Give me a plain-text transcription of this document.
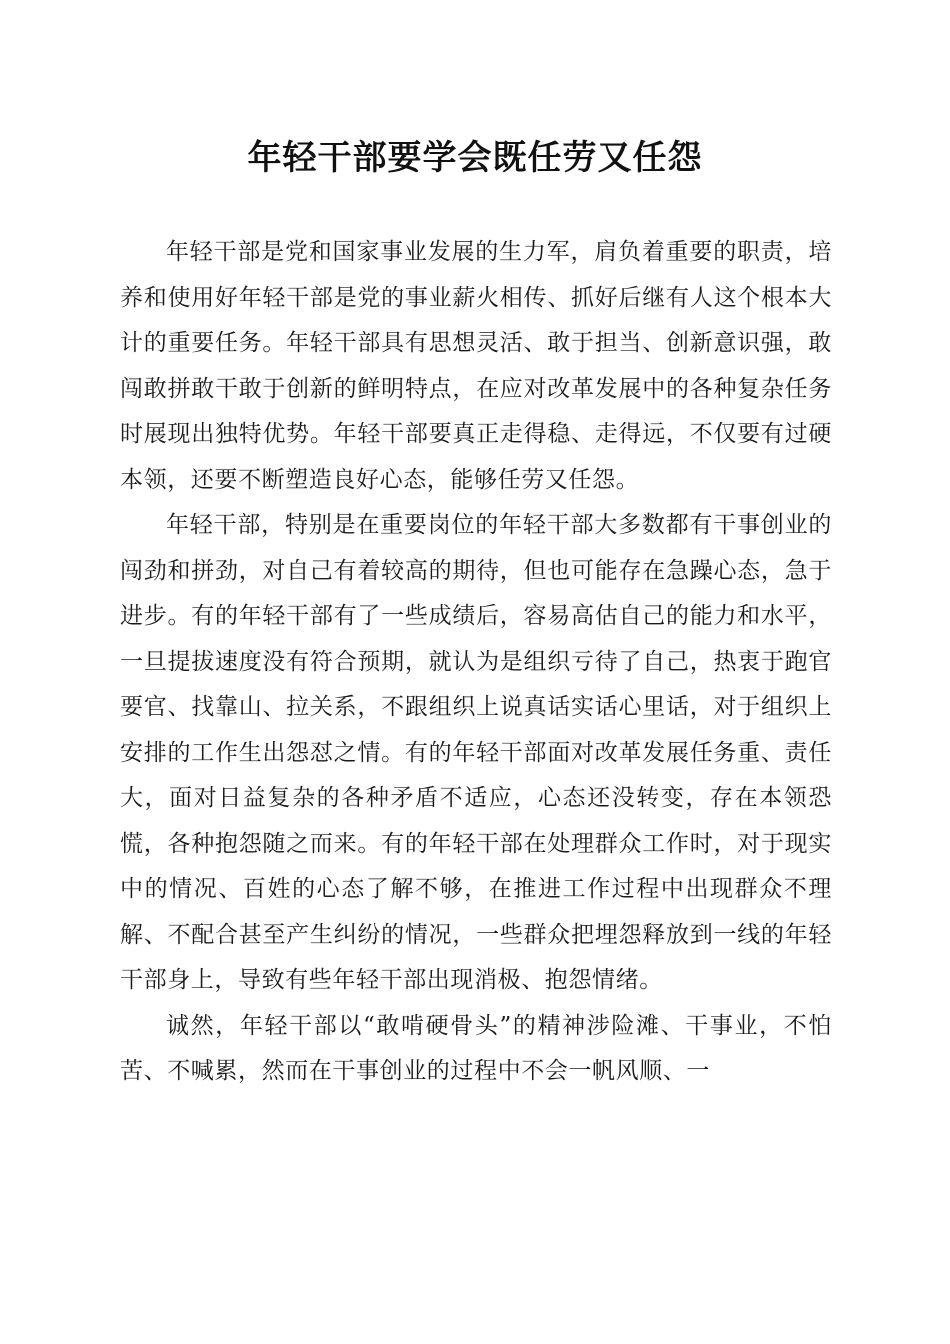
年轻干部要学会既任劳又任怨

年轻干部是党和国家事业发展的生力军，肩负着重要的职责，培养和使用好年轻干部是党的事业薪火相传、抓好后继有人这个根本大计的重要任务。年轻干部具有思想灵活、敢于担当、创新意识强，敢闯敢拼敢干敢于创新的鲜明特点，在应对改革发展中的各种复杂任务时展现出独特优势。年轻干部要真正走得稳、走得远，不仅要有过硬本领，还要不断塑造良好心态，能够任劳又任怨。

年轻干部，特别是在重要岗位的年轻干部大多数都有干事创业的闯劲和拼劲，对自己有着较高的期待，但也可能存在急躁心态，急于进步。有的年轻干部有了一些成绩后，容易高估自己的能力和水平，一旦提拔速度没有符合预期，就认为是组织亏待了自己，热衷于跑官要官、找靠山、拉关系，不跟组织上说真话实话心里话，对于组织上安排的工作生出怨怼之情。有的年轻干部面对改革发展任务重、责任大，面对日益复杂的各种矛盾不适应，心态还没转变，存在本领恐慌，各种抱怨随之而来。有的年轻干部在处理群众工作时，对于现实中的情况、百姓的心态了解不够，在推进工作过程中出现群众不理解、不配合甚至产生纠纷的情况，一些群众把埋怨释放到一线的年轻干部身上，导致有些年轻干部出现消极、抱怨情绪。

诚然，年轻干部以“敢啃硬骨头”的精神涉险滩、干事业，不怕苦、不喊累，然而在干事创业的过程中不会一帆风顺、一
